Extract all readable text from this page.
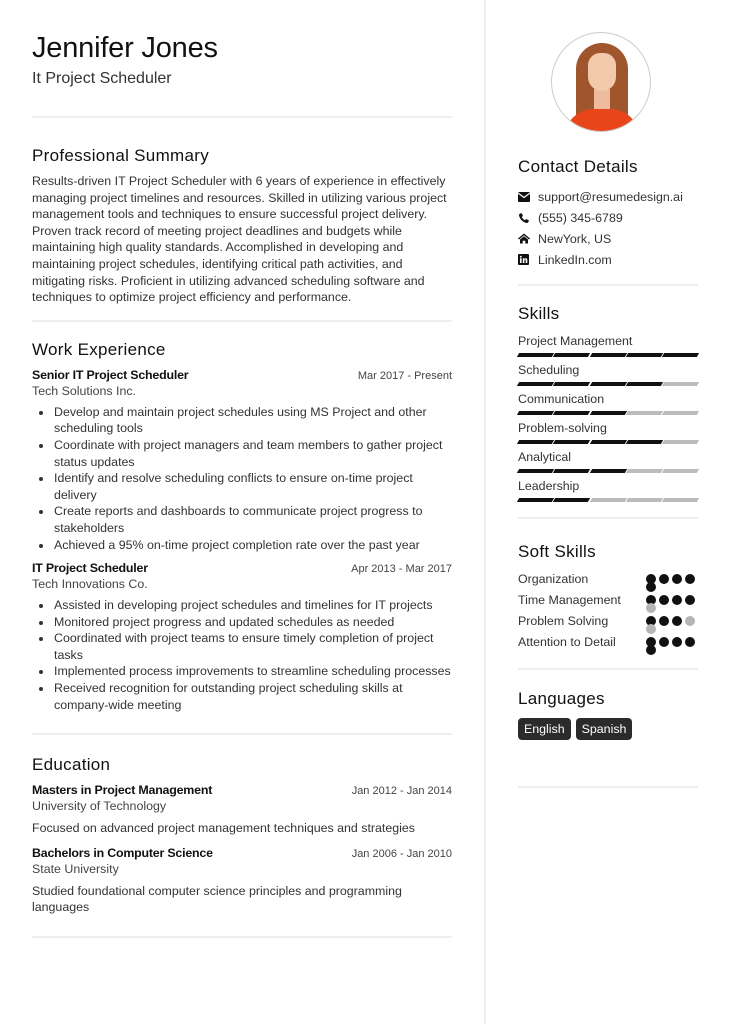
Jennifer Jones
It Project Scheduler
Professional Summary

Results-driven IT Project Scheduler with 6 years of experience in effectively managing project timelines and resources. Skilled in utilizing various project management tools and techniques to ensure successful project delivery. Proven track record of meeting project deadlines and budgets while maintaining high quality standards. Accomplished in developing and maintaining project schedules, identifying critical path activities, and mitigating risks. Proficient in utilizing advanced scheduling software and techniques to optimize project efficiency and performance.

Work Experience
Senior IT Project Scheduler	Mar 2017 - Present
Tech Solutions Inc.
Develop and maintain project schedules using MS Project and other scheduling tools
Coordinate with project managers and team members to gather project status updates
Identify and resolve scheduling conflicts to ensure on-time project delivery
Create reports and dashboards to communicate project progress to stakeholders
Achieved a 95% on-time project completion rate over the past year
IT Project Scheduler	Apr 2013 - Mar 2017
Tech Innovations Co.
Assisted in developing project schedules and timelines for IT projects
Monitored project progress and updated schedules as needed
Coordinated with project teams to ensure timely completion of project tasks
Implemented process improvements to streamline scheduling processes
Received recognition for outstanding project scheduling skills at company-wide meeting
Education
Masters in Project Management	Jan 2012 - Jan 2014
University of Technology
Focused on advanced project management techniques and strategies
Bachelors in Computer Science	Jan 2006 - Jan 2010
State University
Studied foundational computer science principles and programming languages
Contact Details
support@resumedesign.ai
(555) 345-6789
NewYork, US
LinkedIn.com
Skills
Project Management
Scheduling
Communication
Problem-solving
Analytical
Leadership
Soft Skills
Organization
Time Management
Problem Solving
Attention to Detail
Languages
English	Spanish
